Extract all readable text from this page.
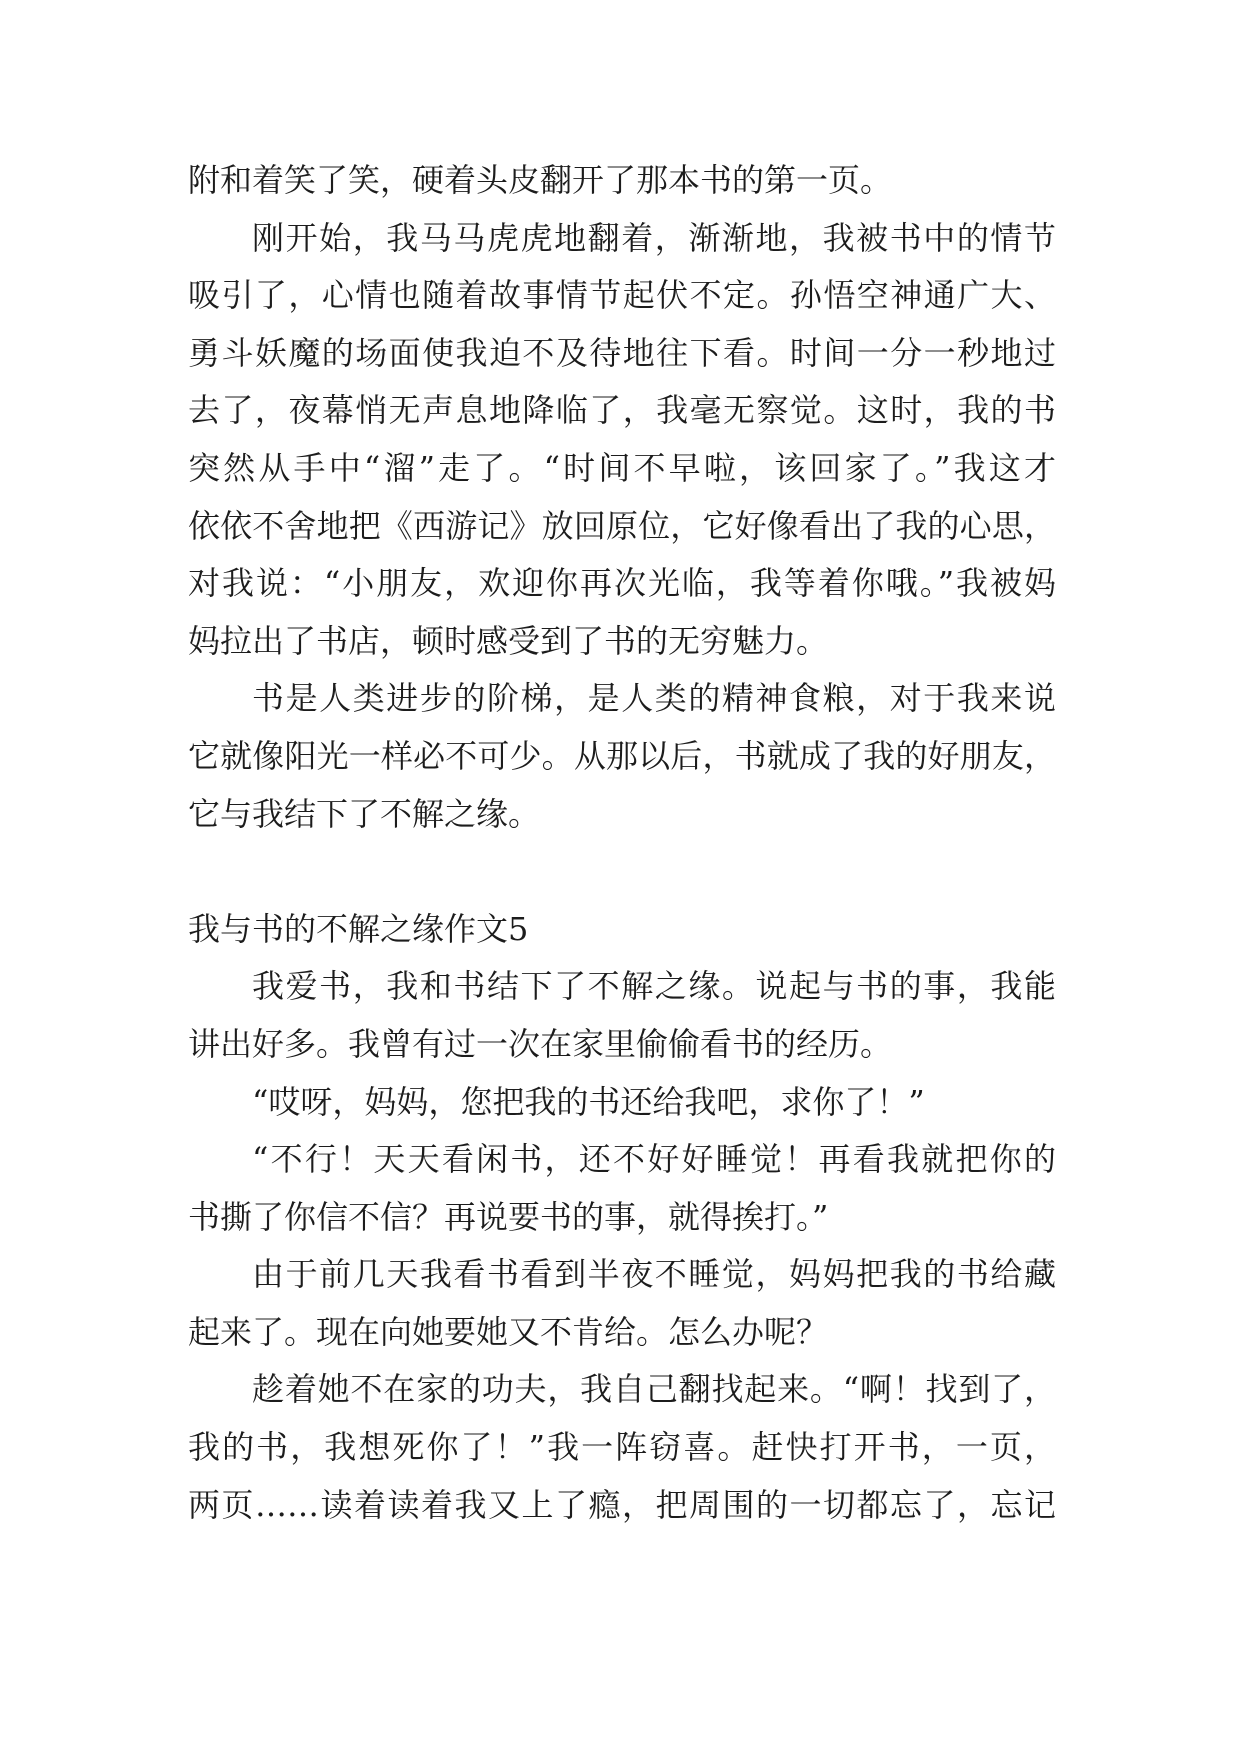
附和着笑了笑，硬着头皮翻开了那本书的第一页。
刚开始，我马马虎虎地翻着，渐渐地，我被书中的情节
吸引了，心情也随着故事情节起伏不定。孙悟空神通广大、
勇斗妖魔的场面使我迫不及待地往下看。时间一分一秒地过
去了，夜幕悄无声息地降临了，我毫无察觉。这时，我的书
突然从手中“溜”走了。“时间不早啦，该回家了。”我这才
依依不舍地把《西游记》放回原位，它好像看出了我的心思，
对我说：“小朋友，欢迎你再次光临，我等着你哦。”我被妈
妈拉出了书店，顿时感受到了书的无穷魅力。
书是人类进步的阶梯，是人类的精神食粮，对于我来说
它就像阳光一样必不可少。从那以后，书就成了我的好朋友，
它与我结下了不解之缘。
我与书的不解之缘作文5
我爱书，我和书结下了不解之缘。说起与书的事，我能
讲出好多。我曾有过一次在家里偷偷看书的经历。
“哎呀，妈妈，您把我的书还给我吧，求你了！”
“不行！天天看闲书，还不好好睡觉！再看我就把你的
书撕了你信不信？再说要书的事，就得挨打。”
由于前几天我看书看到半夜不睡觉，妈妈把我的书给藏
起来了。现在向她要她又不肯给。怎么办呢？
趁着她不在家的功夫，我自己翻找起来。“啊！找到了，
我的书，我想死你了！”我一阵窃喜。赶快打开书，一页，
两页……读着读着我又上了瘾，把周围的一切都忘了，忘记
